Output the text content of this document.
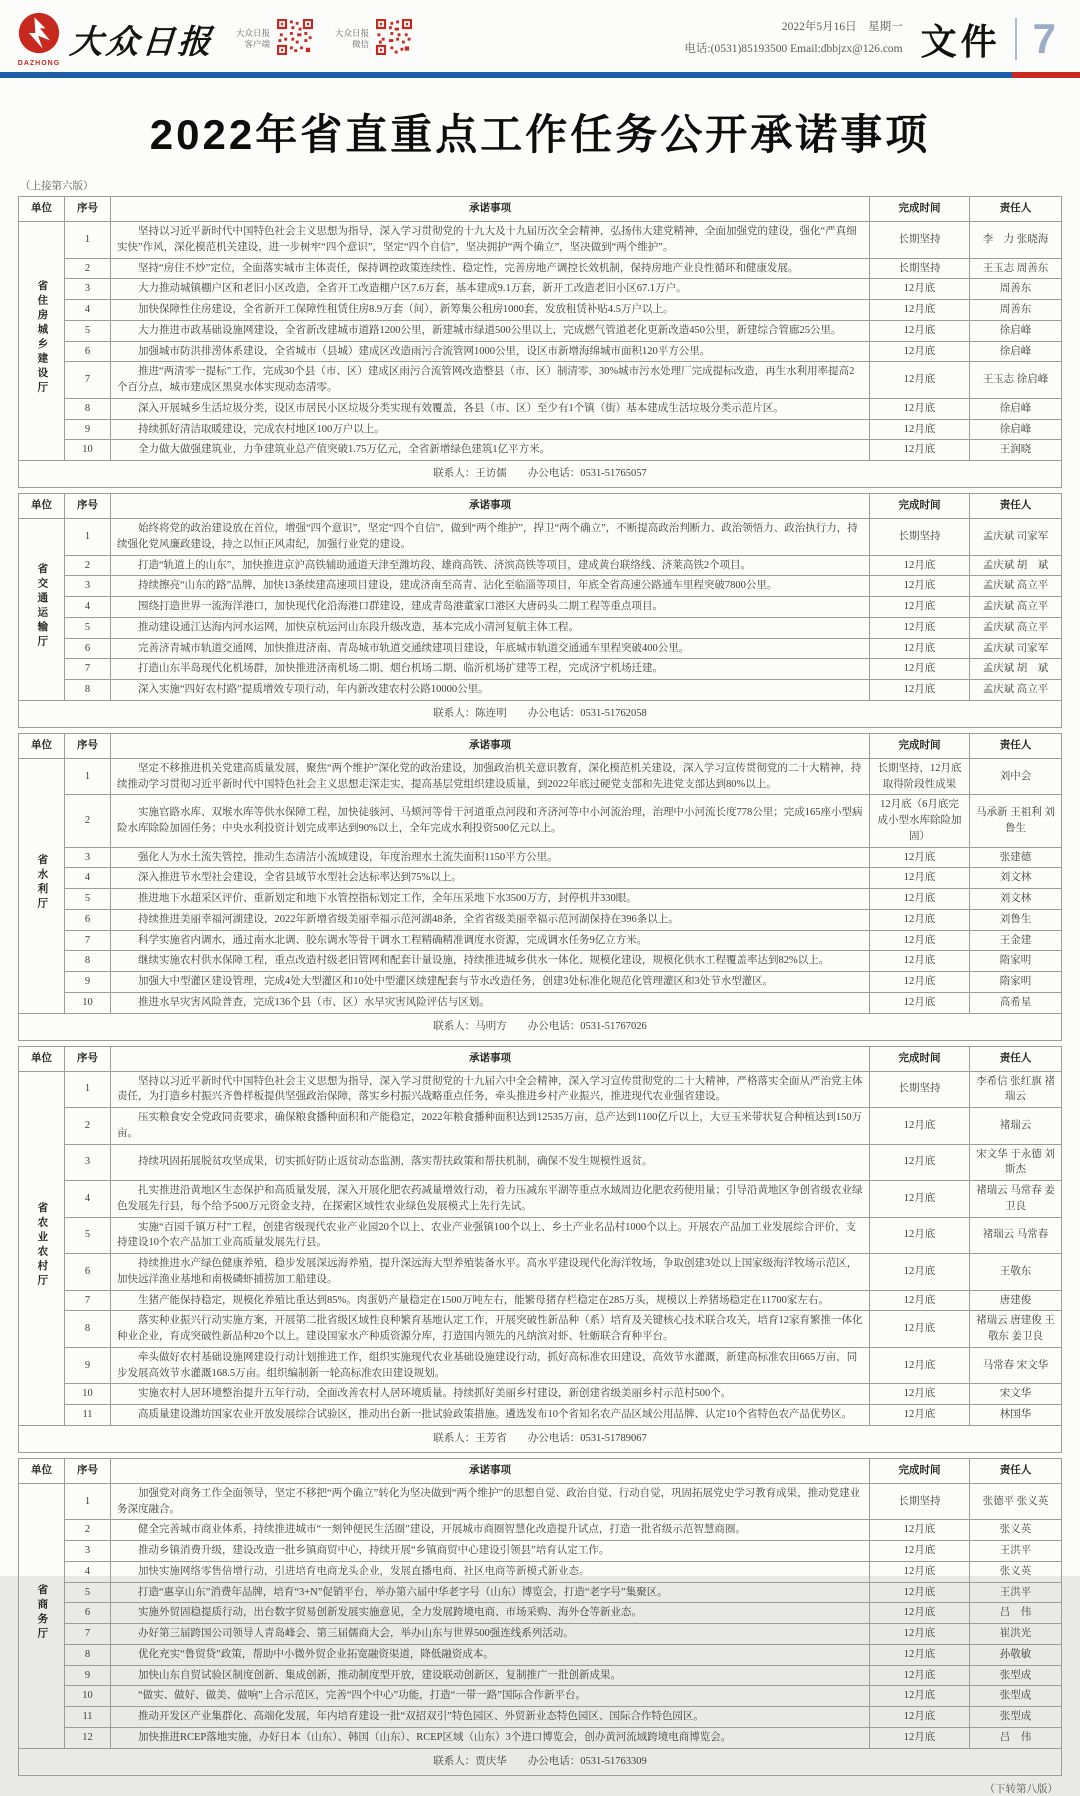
DAZHONG
大众日报 大众日报
客户端
大众日报
微信
2022年5月16日　星期一
电话:(0531)85193500 Email:dbbjzx@126.com 文件 7
2022年省直重点工作任务公开承诺事项
（上接第六版）
单位	序号	承诺事项	完成时间	责任人
省住房城乡建设厅	1	坚持以习近平新时代中国特色社会主义思想为指导，深入学习贯彻党的十九大及十九届历次全会精神，弘扬伟大建党精神，全面加强党的建设，强化“严真细实快”作风，深化模范机关建设，进一步树牢“四个意识”，坚定“四个自信”，坚决拥护“两个确立”，坚决做到“两个维护”。	长期坚持	李　力 张晓海
	2	坚持“房住不炒”定位，全面落实城市主体责任，保持调控政策连续性、稳定性，完善房地产调控长效机制，保持房地产业良性循环和健康发展。	长期坚持	王玉志 周善东
	3	大力推动城镇棚户区和老旧小区改造，全省开工改造棚户区7.6万套，基本建成9.1万套，新开工改造老旧小区67.1万户。	12月底	周善东
	4	加快保障性住房建设，全省新开工保障性租赁住房8.9万套（间），新筹集公租房1000套，发放租赁补贴4.5万户以上。	12月底	周善东
	5	大力推进市政基础设施网建设，全省新改建城市道路1200公里，新建城市绿道500公里以上，完成燃气管道老化更新改造450公里，新建综合管廊25公里。	12月底	徐启峰
	6	加强城市防洪排涝体系建设，全省城市（县城）建成区改造雨污合流管网1000公里，设区市新增海绵城市面积120平方公里。	12月底	徐启峰
	7	推进“两清零一提标”工作，完成30个县（市、区）建成区雨污合流管网改造整县（市、区）制清零，30%城市污水处理厂完成提标改造，再生水利用率提高2个百分点，城市建成区黑臭水体实现动态清零。	12月底	王玉志 徐启峰
	8	深入开展城乡生活垃圾分类，设区市居民小区垃圾分类实现有效覆盖，各县（市、区）至少有1个镇（街）基本建成生活垃圾分类示范片区。	12月底	徐启峰
	9	持续抓好清洁取暖建设，完成农村地区100万户以上。	12月底	徐启峰
	10	全力做大做强建筑业，力争建筑业总产值突破1.75万亿元，全省新增绿色建筑1亿平方米。	12月底	王润晓
联系人：王访儒　　办公电话：0531-51765057				
单位	序号	承诺事项	完成时间	责任人
省交通运输厅	1	始终将党的政治建设放在首位，增强“四个意识”，坚定“四个自信”，做到“两个维护”，捍卫“两个确立”，不断提高政治判断力、政治领悟力、政治执行力，持续强化党风廉政建设，持之以恒正风肃纪，加强行业党的建设。	长期坚持	孟庆斌 司家军
	2	打造“轨道上的山东”，加快推进京沪高铁辅助通道天津至潍坊段、雄商高铁、济滨高铁等项目，建成黄台联络线、济莱高铁2个项目。	12月底	孟庆斌 胡　斌
	3	持续擦亮“山东的路”品牌，加快13条续建高速项目建设，建成济南至高青、沾化至临淄等项目，年底全省高速公路通车里程突破7800公里。	12月底	孟庆斌 高立平
	4	围绕打造世界一流海洋港口，加快现代化沿海港口群建设，建成青岛港董家口港区大唐码头二期工程等重点项目。	12月底	孟庆斌 高立平
	5	推动建设通江达海内河水运网，加快京杭运河山东段升级改造，基本完成小清河复航主体工程。	12月底	孟庆斌 高立平
	6	完善济青城市轨道交通网，加快推进济南、青岛城市轨道交通续建项目建设，年底城市轨道交通通车里程突破400公里。	12月底	孟庆斌 司家军
	7	打造山东半岛现代化机场群，加快推进济南机场二期、烟台机场二期、临沂机场扩建等工程，完成济宁机场迁建。	12月底	孟庆斌 胡　斌
	8	深入实施“四好农村路”提质增效专项行动，年内新改建农村公路10000公里。	12月底	孟庆斌 高立平
联系人：陈连明　　办公电话：0531-51762058				
单位	序号	承诺事项	完成时间	责任人
省水利厅	1	坚定不移推进机关党建高质量发展，聚焦“两个维护”深化党的政治建设，加强政治机关意识教育，深化模范机关建设，深入学习宣传贯彻党的二十大精神，持续推动学习贯彻习近平新时代中国特色社会主义思想走深走实，提高基层党组织建设质量，到2022年底过硬党支部和先进党支部达到80%以上。	长期坚持，12月底取得阶段性成果	刘中会
	2	实施官路水库、双堠水库等供水保障工程，加快徒骇河、马颊河等骨干河道重点河段和齐济河等中小河流治理，治理中小河流长度778公里；完成165座小型病险水库除险加固任务；中央水利投资计划完成率达到90%以上，全年完成水利投资500亿元以上。	12月底（6月底完成小型水库除险加固）	马承新 王祖利 刘鲁生
	3	强化人为水土流失管控，推动生态清洁小流域建设，年度治理水土流失面积1150平方公里。	12月底	张建德
	4	深入推进节水型社会建设，全省县域节水型社会达标率达到75%以上。	12月底	刘文林
	5	推进地下水超采区评价、重新划定和地下水管控指标划定工作，全年压采地下水3500万方，封停机井330眼。	12月底	刘文林
	6	持续推进美丽幸福河湖建设，2022年新增省级美丽幸福示范河湖48条，全省省级美丽幸福示范河湖保持在396条以上。	12月底	刘鲁生
	7	科学实施省内调水，通过南水北调、胶东调水等骨干调水工程精确精准调度水资源，完成调水任务9亿立方米。	12月底	王金建
	8	继续实施农村供水保障工程，重点改造村级老旧管网和配套计量设施，持续推进城乡供水一体化、规模化建设，规模化供水工程覆盖率达到82%以上。	12月底	隋家明
	9	加强大中型灌区建设管理，完成4处大型灌区和10处中型灌区续建配套与节水改造任务，创建3处标准化规范化管理灌区和3处节水型灌区。	12月底	隋家明
	10	推进水旱灾害风险普查，完成136个县（市、区）水旱灾害风险评估与区划。	12月底	高希星
联系人：马明方　　办公电话：0531-51767026				
单位	序号	承诺事项	完成时间	责任人
省农业农村厅	1	坚持以习近平新时代中国特色社会主义思想为指导，深入学习贯彻党的十九届六中全会精神，深入学习宣传贯彻党的二十大精神，严格落实全面从严治党主体责任，为打造乡村振兴齐鲁样板提供坚强政治保障，落实乡村振兴战略重点任务，牵头推进乡村产业振兴，推进现代农业强省建设。	长期坚持	李希信 张红旗 褚瑞云
	2	压实粮食安全党政同责要求，确保粮食播种面积和产能稳定，2022年粮食播种面积达到12535万亩，总产达到1100亿斤以上，大豆玉米带状复合种植达到150万亩。	12月底	褚瑞云
	3	持续巩固拓展脱贫攻坚成果，切实抓好防止返贫动态监测，落实帮扶政策和帮扶机制，确保不发生规模性返贫。	12月底	宋文华 于永德 刘斯杰
	4	扎实推进沿黄地区生态保护和高质量发展，深入开展化肥农药减量增效行动，着力压减东平湖等重点水域周边化肥农药使用量；引导沿黄地区争创省级农业绿色发展先行县，每个给予500万元资金支持，在探索区域性农业绿色发展模式上先行先试。	12月底	褚瑞云 马常春 姜卫良
	5	实施“百园千镇万村”工程，创建省级现代农业产业园20个以上、农业产业强镇100个以上、乡土产业名品村1000个以上。开展农产品加工业发展综合评价，支持建设10个农产品加工业高质量发展先行县。	12月底	褚瑞云 马常春
	6	持续推进水产绿色健康养殖，稳步发展深远海养殖，提升深远海大型养殖装备水平。高水平建设现代化海洋牧场，争取创建3处以上国家级海洋牧场示范区，加快远洋渔业基地和南极磷虾捕捞加工船建设。	12月底	王敬东
	7	生猪产能保持稳定，规模化养殖比重达到85%。肉蛋奶产量稳定在1500万吨左右，能繁母猪存栏稳定在285万头，规模以上养猪场稳定在11700家左右。	12月底	唐建俊
	8	落实种业振兴行动实施方案，开展第二批省级区域性良种繁育基地认定工作，开展突破性新品种（系）培育及关键核心技术联合攻关，培育12家育繁推一体化种业企业，育成突破性新品种20个以上。建设国家水产种质资源分库，打造国内领先的凡纳滨对虾、牡蛎联合育种平台。	12月底	褚瑞云 唐建俊 王敬东 姜卫良
	9	牵头做好农村基础设施网建设行动计划推进工作，组织实施现代农业基础设施建设行动，抓好高标准农田建设，高效节水灌溉，新建高标准农田665万亩，同步发展高效节水灌溉168.5万亩。组织编制新一轮高标准农田建设规划。	12月底	马常春 宋文华
	10	实施农村人居环境整治提升五年行动，全面改善农村人居环境质量。持续抓好美丽乡村建设，新创建省级美丽乡村示范村500个。	12月底	宋文华
	11	高质量建设潍坊国家农业开放发展综合试验区，推动出台新一批试验政策措施。遴选发布10个省知名农产品区域公用品牌、认定10个省特色农产品优势区。	12月底	林国华
联系人：王芳省　　办公电话：0531-51789067				
单位	序号	承诺事项	完成时间	责任人
省商务厅	1	加强党对商务工作全面领导，坚定不移把“两个确立”转化为坚决做到“两个维护”的思想自觉、政治自觉、行动自觉，巩固拓展党史学习教育成果，推动党建业务深度融合。	长期坚持	张德平 张义英
	2	健全完善城市商业体系，持续推进城市“一刻钟便民生活圈”建设，开展城市商圈智慧化改造提升试点，打造一批省级示范智慧商圈。	12月底	张义英
	3	推动乡镇消费升级，建设改造一批乡镇商贸中心，持续开展“乡镇商贸中心建设引领县”培育认定工作。	12月底	王洪平
	4	加快实施网络零售倍增行动，引进培育电商龙头企业，发展直播电商、社区电商等新模式新业态。	12月底	张义英
	5	打造“惠享山东”消费年品牌，培育“3+N”促销平台，举办第六届中华老字号（山东）博览会，打造“老字号”集聚区。	12月底	王洪平
	6	实施外贸固稳提质行动，出台数字贸易创新发展实施意见，全力发展跨境电商、市场采购、海外仓等新业态。	12月底	吕　伟
	7	办好第三届跨国公司领导人青岛峰会、第三届儒商大会，举办山东与世界500强连线系列活动。	12月底	崔洪光
	8	优化充实“鲁贸贷”政策，帮助中小微外贸企业拓宽融资渠道，降低融资成本。	12月底	孙敬敏
	9	加快山东自贸试验区制度创新、集成创新，推动制度型开放，建设联动创新区，复制推广一批创新成果。	12月底	张型成
	10	“做实、做好、做美、做响”上合示范区，完善“四个中心”功能，打造“一带一路”国际合作新平台。	12月底	张型成
	11	推动开发区产业集群化、高端化发展，年内培育建设一批“双招双引”特色园区、外贸新业态特色园区、国际合作特色园区。	12月底	张型成
	12	加快推进RCEP落地实施，办好日本（山东）、韩国（山东）、RCEP区域（山东）3个进口博览会，创办黄河流域跨境电商博览会。	12月底	吕　伟
联系人：贾庆华　　办公电话：0531-51763309				
（下转第八版）
